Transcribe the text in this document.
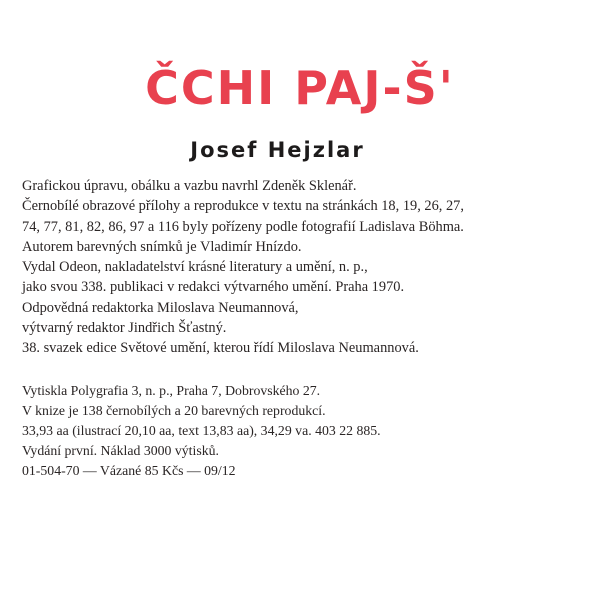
ČCHI PAJ-Š'
Josef Hejzlar
Grafickou úpravu, obálku a vazbu navrhl Zdeněk Sklenář.
Černobílé obrazové přílohy a reprodukce v textu na stránkách 18, 19, 26, 27,
74, 77, 81, 82, 86, 97 a 116 byly pořízeny podle fotografií Ladislava Böhma.
Autorem barevných snímků je Vladimír Hnízdo.
Vydal Odeon, nakladatelství krásné literatury a umění, n. p.,
jako svou 338. publikaci v redakci výtvarného umění. Praha 1970.
Odpovědná redaktorka Miloslava Neumannová,
výtvarný redaktor Jindřich Šťastný.
38. svazek edice Světové umění, kterou řídí Miloslava Neumannová.
Vytiskla Polygrafia 3, n. p., Praha 7, Dobrovského 27.
V knize je 138 černobílých a 20 barevných reprodukcí.
33,93 aa (ilustrací 20,10 aa, text 13,83 aa), 34,29 va. 403 22 885.
Vydání první. Náklad 3000 výtisků.
01-504-70 — Vázané 85 Kčs — 09/12
